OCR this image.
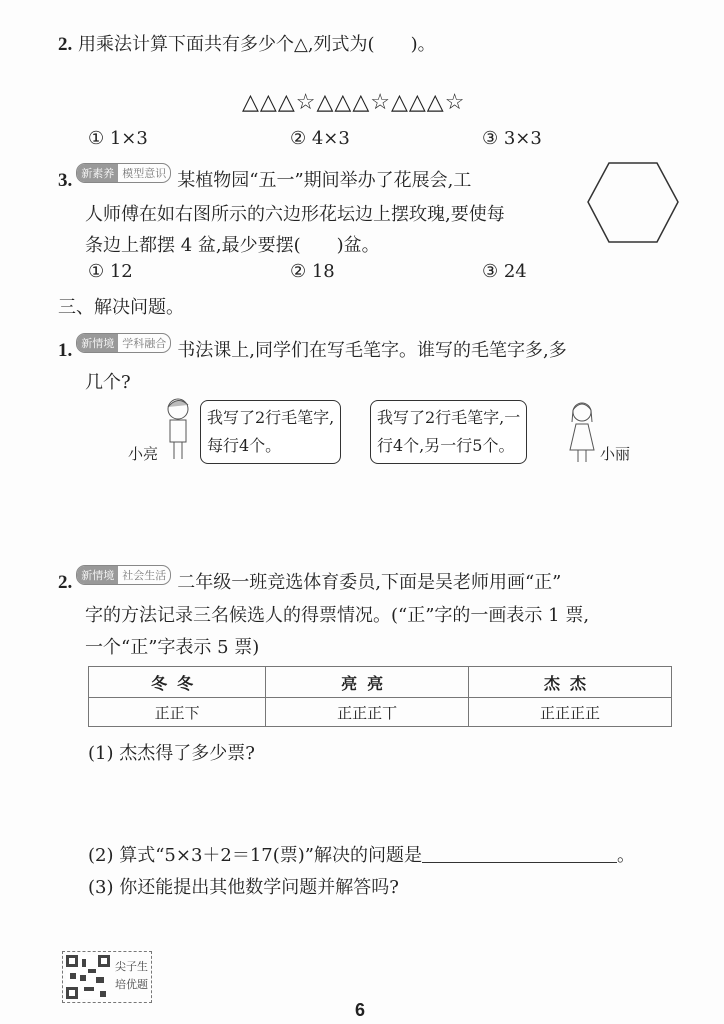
2. 用乘法计算下面共有多少个△,列式为(　　)。
△△△☆△△△☆△△△☆
① 1×3	② 4×3	③ 3×3
3. 新素养 模型意识 某植物园“五一”期间举办了花展会,工
人师傅在如右图所示的六边形花坛边上摆玫瑰,要使每
条边上都摆 4 盆,最少要摆(　　)盆。
① 12	② 18	③ 24
三、解决问题。
1. 新情境 学科融合 书法课上,同学们在写毛笔字。谁写的毛笔字多,多
几个?
小亮
我写了2行毛笔字,
每行4个。
我写了2行毛笔字,一
行4个,另一行5个。	小丽
2. 新情境 社会生活 二年级一班竞选体育委员,下面是吴老师用画“正”
字的方法记录三名候选人的得票情况。(“正”字的一画表示 1 票,
一个“正”字表示 5 票)
冬冬	亮亮	杰杰
正正下	正正正丅	正正正正
(1) 杰杰得了多少票?
(2) 算式“5×3＋2＝17(票)”解决的问题是	。
(3) 你还能提出其他数学问题并解答吗?
尖子生
培优题
6
